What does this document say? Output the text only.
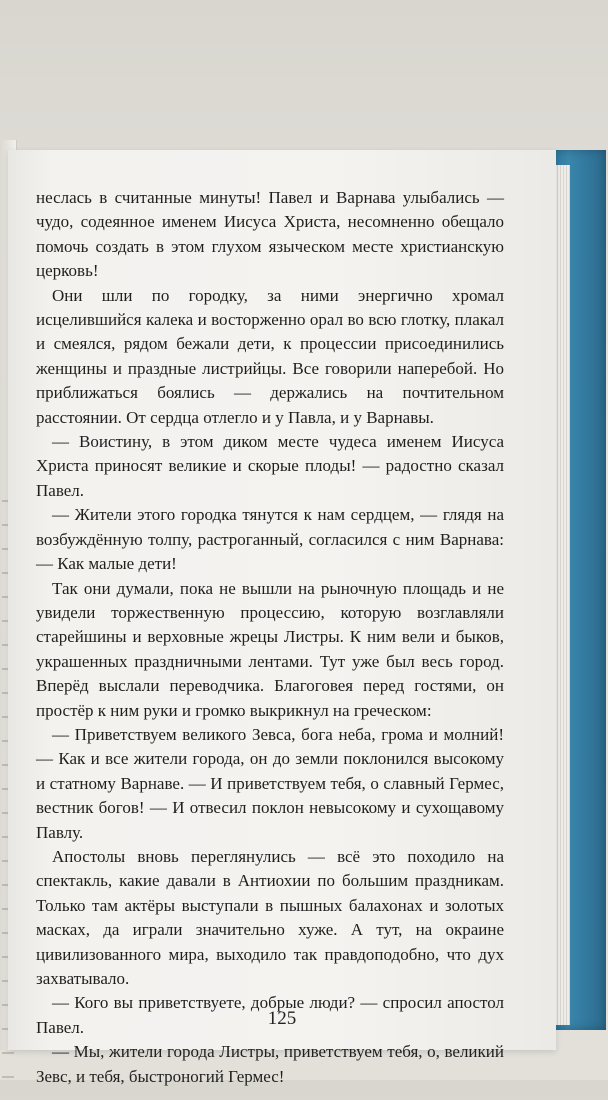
неслась в считанные минуты! Павел и Варнава улыбались — чудо, содеянное именем Иисуса Христа, несомненно обещало помочь создать в этом глухом языческом месте христианскую церковь!

Они шли по городку, за ними энергично хромал исцелившийся калека и восторженно орал во всю глотку, плакал и смеялся, рядом бежали дети, к процессии присоединились женщины и праздные листрийцы. Все говорили наперебой. Но приближаться боялись — держались на почтительном расстоянии. От сердца отлегло и у Павла, и у Варнавы.

— Воистину, в этом диком месте чудеса именем Иисуса Христа приносят великие и скорые плоды! — радостно сказал Павел.

— Жители этого городка тянутся к нам сердцем, — глядя на возбуждённую толпу, растроганный, согласился с ним Варнава: — Как малые дети!

Так они думали, пока не вышли на рыночную площадь и не увидели торжественную процессию, которую возглавляли старейшины и верховные жрецы Листры. К ним вели и быков, украшенных праздничными лентами. Тут уже был весь город. Вперёд выслали переводчика. Благоговея перед гостями, он простёр к ним руки и громко выкрикнул на греческом:

— Приветствуем великого Зевса, бога неба, грома и молний! — Как и все жители города, он до земли поклонился высокому и статному Варнаве. — И приветствуем тебя, о славный Гермес, вестник богов! — И отвесил поклон невысокому и сухощавому Павлу.

Апостолы вновь переглянулись — всё это походило на спектакль, какие давали в Антиохии по большим праздникам. Только там актёры выступали в пышных балахонах и золотых масках, да играли значительно хуже. А тут, на окраине цивилизованного мира, выходило так правдоподобно, что дух захватывало.

— Кого вы приветствуете, добрые люди? — спросил апостол Павел.

— Мы, жители города Листры, приветствуем тебя, о, великий Зевс, и тебя, быстроногий Гермес!

125
